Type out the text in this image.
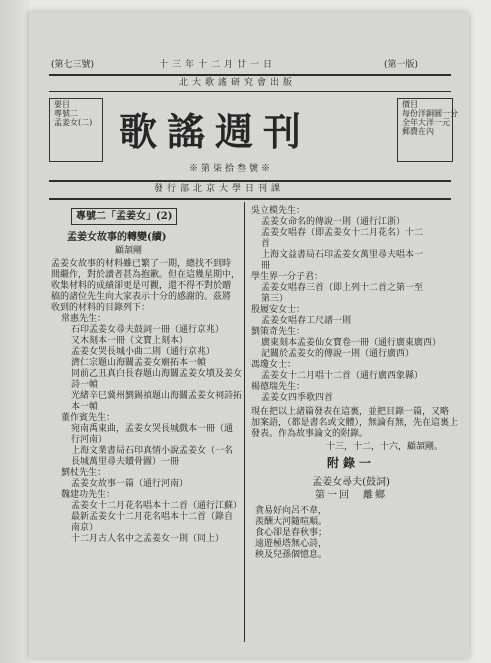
(第七三號)	十三年十二月廿一日	(第一版)
北大歌謠研究會出版
要目
專號二
孟姜女(二) 歌謠週刊
※第柒拾叁號※
價目
每份洋銅圓一分
全年大洋一元
郵費在內
發行部北京大學日刊課
專號二「孟姜女」(2)
孟姜女故事的轉變(續)
顧頡剛
孟姜女故事的材料雖已繁了一期，總找不到時
間繼作，對於讀者甚為抱歉。但在這幾星期中，
收集材料的成績卻更是可觀，還不得不對於贈
稿的諸位先生向大家表示十分的感謝的。茲將
收到的材料的目錄列下：
常惠先生：
石印孟姜女尋夫鼓詞一冊（通行京兆）
又木刻本一冊（文寶上刻本）
孟姜女哭長城小曲二則（通行京兆）
濟仁宗題山海關孟姜女廟拓本一幀
同前乙丑真白長春題山海關孟姜女墳及姜女
詩一幀
光緒辛巳冀州劉錫禎題山海關孟姜女祠詩拓
本一幀
董作賓先生：
宛南禹東曲，孟姜女哭長城戲本一冊（通
行河南）
上海文業書局石印真情小說孟姜女（一名
長城萬里尋夫贖骨圖）一冊
劉杖先生：
孟姜女故事一篇（通行河南）
魏建功先生：
孟姜女十二月花名唱本十二首（通行江蘇）
最新孟姜女十二月花名唱本十二首（錄自
南京）
十二月古人名中之孟姜女一則（同上）
吳立模先生：
孟姜女命名的傳說一則（通行江浙）
孟姜女唱春（即孟姜女十二月花名）十二
首
上海文益書局石印孟姜女萬里尋夫唱本一
冊
學生界一分子君：
孟姜女唱春三首（即上列十二首之第一至
第三）
殷履安女士：
孟姜女唱春工尺譜一則
劉策奇先生：
廣東刻本孟姜仙女寶卷一冊（通行廣東廣西）
記關於孟姜女的傳說一則（通行廣西）
馮瓊女士：
孟姜女十二月唱十二首（通行廣西象縣）
楊德瑞先生：
孟姜女四季歌四首
現在把以上諸篇發表在這裏，並把目錄一篇，又略
加案語，（都是書名或文體），無論有無，先在這裏上
發表。作為故事論文的附錄。
十三，十二，十六，顧頡剛。
附錄一
孟姜女尋夫(鼓詞)
第一回　離鄉
貪易好向呂不韋，
羨酬大河隨喧順。
食心卻是春秋事；
遠遊極塔無心詩，
秧及兒孫個憶息。
